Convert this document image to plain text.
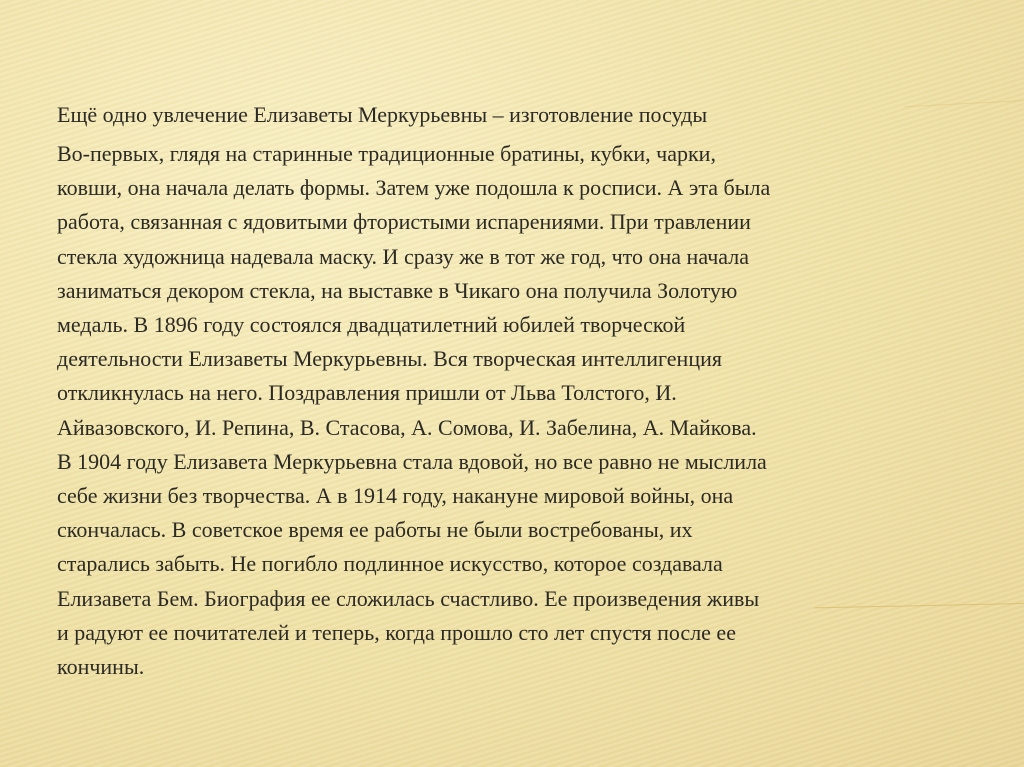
Ещё одно увлечение Елизаветы Меркурьевны – изготовление посуды

Во-первых, глядя на старинные традиционные братины, кубки, чарки,
ковши, она начала делать формы. Затем уже подошла к росписи. А эта была
работа, связанная с ядовитыми фтористыми испарениями. При травлении
стекла художница надевала маску. И сразу же в тот же год, что она начала
заниматься декором стекла, на выставке в Чикаго она получила Золотую
медаль. В 1896 году состоялся двадцатилетний юбилей творческой
деятельности Елизаветы Меркурьевны. Вся творческая интеллигенция
откликнулась на него. Поздравления пришли от Льва Толстого, И.
Айвазовского, И. Репина, В. Стасова, А. Сомова, И. Забелина, А. Майкова.
В 1904 году Елизавета Меркурьевна стала вдовой, но все равно не мыслила
себе жизни без творчества. А в 1914 году, накануне мировой войны, она
скончалась. В советское время ее работы не были востребованы, их
старались забыть. Не погибло подлинное искусство, которое создавала
Елизавета Бем. Биография ее сложилась счастливо. Ее произведения живы
и радуют ее почитателей и теперь, когда прошло сто лет спустя после ее
кончины.
